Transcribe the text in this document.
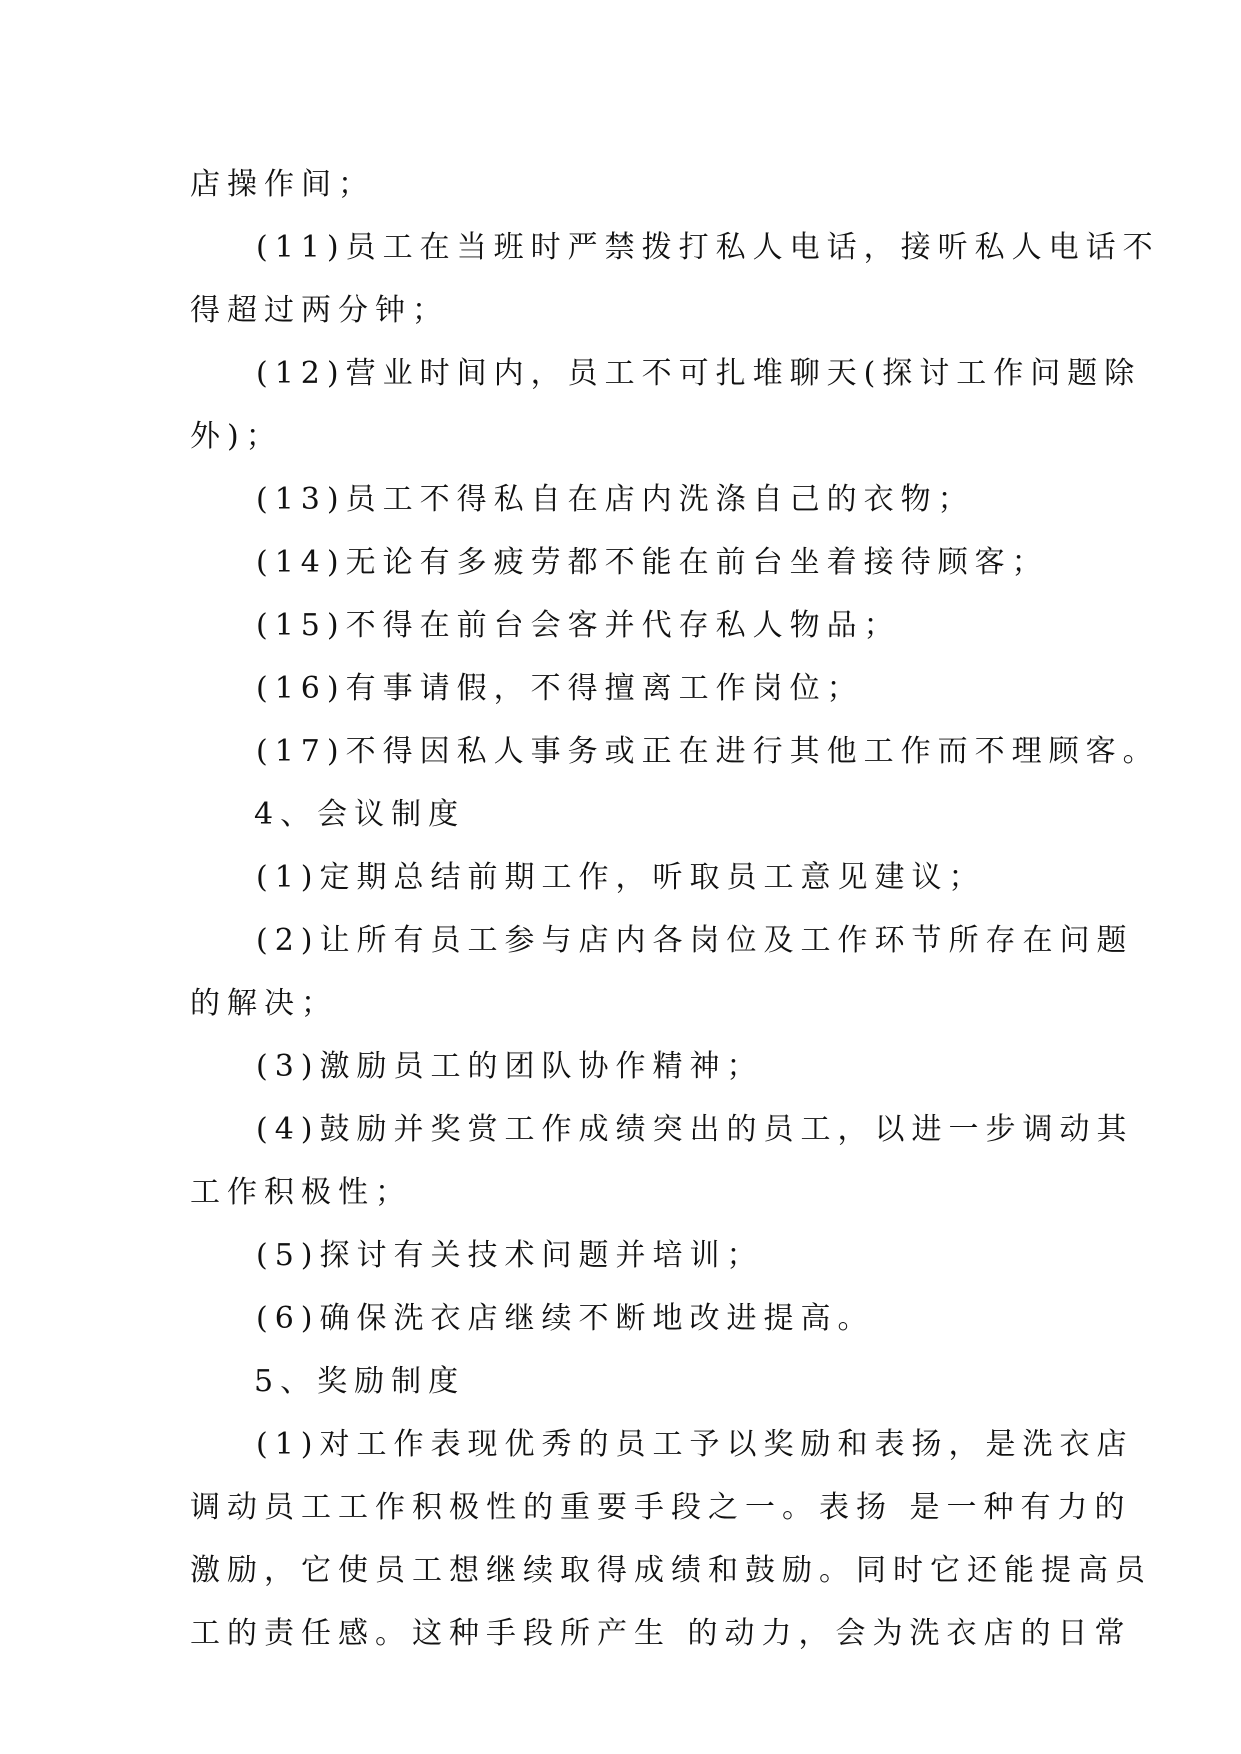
店操作间；
(11)员工在当班时严禁拨打私人电话，接听私人电话不
得超过两分钟；
(12)营业时间内，员工不可扎堆聊天(探讨工作问题除
外)；
(13)员工不得私自在店内洗涤自己的衣物；
(14)无论有多疲劳都不能在前台坐着接待顾客；
(15)不得在前台会客并代存私人物品；
(16)有事请假，不得擅离工作岗位；
(17)不得因私人事务或正在进行其他工作而不理顾客。
4、会议制度
(1)定期总结前期工作，听取员工意见建议；
(2)让所有员工参与店内各岗位及工作环节所存在问题
的解决；
(3)激励员工的团队协作精神；
(4)鼓励并奖赏工作成绩突出的员工，以进一步调动其
工作积极性；
(5)探讨有关技术问题并培训；
(6)确保洗衣店继续不断地改进提高。
5、奖励制度
(1)对工作表现优秀的员工予以奖励和表扬，是洗衣店
调动员工工作积极性的重要手段之一。表扬 是一种有力的
激励，它使员工想继续取得成绩和鼓励。同时它还能提高员
工的责任感。这种手段所产生 的动力，会为洗衣店的日常
